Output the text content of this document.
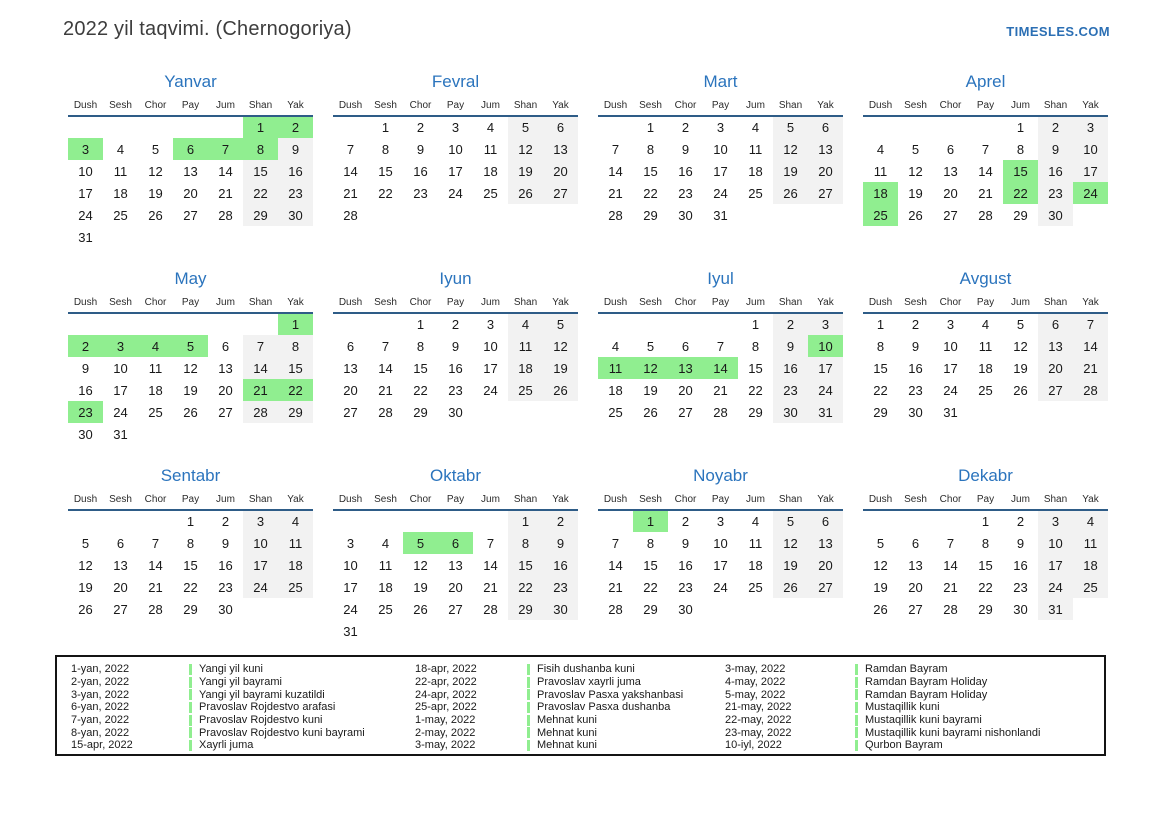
2022 yil taqvimi. (Chernogoriya)	TIMESLES.COM
Yanvar
Dush	Sesh	Chor	Pay	Jum	Shan	Yak
					1	2
3	4	5	6	7	8	9
10	11	12	13	14	15	16
17	18	19	20	21	22	23
24	25	26	27	28	29	30
31						
Fevral
Dush	Sesh	Chor	Pay	Jum	Shan	Yak
	1	2	3	4	5	6
7	8	9	10	11	12	13
14	15	16	17	18	19	20
21	22	23	24	25	26	27
28						
Mart
Dush	Sesh	Chor	Pay	Jum	Shan	Yak
	1	2	3	4	5	6
7	8	9	10	11	12	13
14	15	16	17	18	19	20
21	22	23	24	25	26	27
28	29	30	31			
Aprel
Dush	Sesh	Chor	Pay	Jum	Shan	Yak
				1	2	3
4	5	6	7	8	9	10
11	12	13	14	15	16	17
18	19	20	21	22	23	24
25	26	27	28	29	30	
May
Dush	Sesh	Chor	Pay	Jum	Shan	Yak
						1
2	3	4	5	6	7	8
9	10	11	12	13	14	15
16	17	18	19	20	21	22
23	24	25	26	27	28	29
30	31					
Iyun
Dush	Sesh	Chor	Pay	Jum	Shan	Yak
		1	2	3	4	5
6	7	8	9	10	11	12
13	14	15	16	17	18	19
20	21	22	23	24	25	26
27	28	29	30			
Iyul
Dush	Sesh	Chor	Pay	Jum	Shan	Yak
				1	2	3
4	5	6	7	8	9	10
11	12	13	14	15	16	17
18	19	20	21	22	23	24
25	26	27	28	29	30	31
Avgust
Dush	Sesh	Chor	Pay	Jum	Shan	Yak
1	2	3	4	5	6	7
8	9	10	11	12	13	14
15	16	17	18	19	20	21
22	23	24	25	26	27	28
29	30	31				
Sentabr
Dush	Sesh	Chor	Pay	Jum	Shan	Yak
			1	2	3	4
5	6	7	8	9	10	11
12	13	14	15	16	17	18
19	20	21	22	23	24	25
26	27	28	29	30		
Oktabr
Dush	Sesh	Chor	Pay	Jum	Shan	Yak
					1	2
3	4	5	6	7	8	9
10	11	12	13	14	15	16
17	18	19	20	21	22	23
24	25	26	27	28	29	30
31						
Noyabr
Dush	Sesh	Chor	Pay	Jum	Shan	Yak
	1	2	3	4	5	6
7	8	9	10	11	12	13
14	15	16	17	18	19	20
21	22	23	24	25	26	27
28	29	30				
Dekabr
Dush	Sesh	Chor	Pay	Jum	Shan	Yak
			1	2	3	4
5	6	7	8	9	10	11
12	13	14	15	16	17	18
19	20	21	22	23	24	25
26	27	28	29	30	31	
1-yan, 2022	Yangi yil kuni	18-apr, 2022	Fisih dushanba kuni	3-may, 2022	Ramdan Bayram
2-yan, 2022	Yangi yil bayrami	22-apr, 2022	Pravoslav xayrli juma	4-may, 2022	Ramdan Bayram Holiday
3-yan, 2022	Yangi yil bayrami kuzatildi	24-apr, 2022	Pravoslav Pasxa yakshanbasi	5-may, 2022	Ramdan Bayram Holiday
6-yan, 2022	Pravoslav Rojdestvo arafasi	25-apr, 2022	Pravoslav Pasxa dushanba	21-may, 2022	Mustaqillik kuni
7-yan, 2022	Pravoslav Rojdestvo kuni	1-may, 2022	Mehnat kuni	22-may, 2022	Mustaqillik kuni bayrami
8-yan, 2022	Pravoslav Rojdestvo kuni bayrami	2-may, 2022	Mehnat kuni	23-may, 2022	Mustaqillik kuni bayrami nishonlandi
15-apr, 2022	Xayrli juma	3-may, 2022	Mehnat kuni	10-iyl, 2022	Qurbon Bayram
